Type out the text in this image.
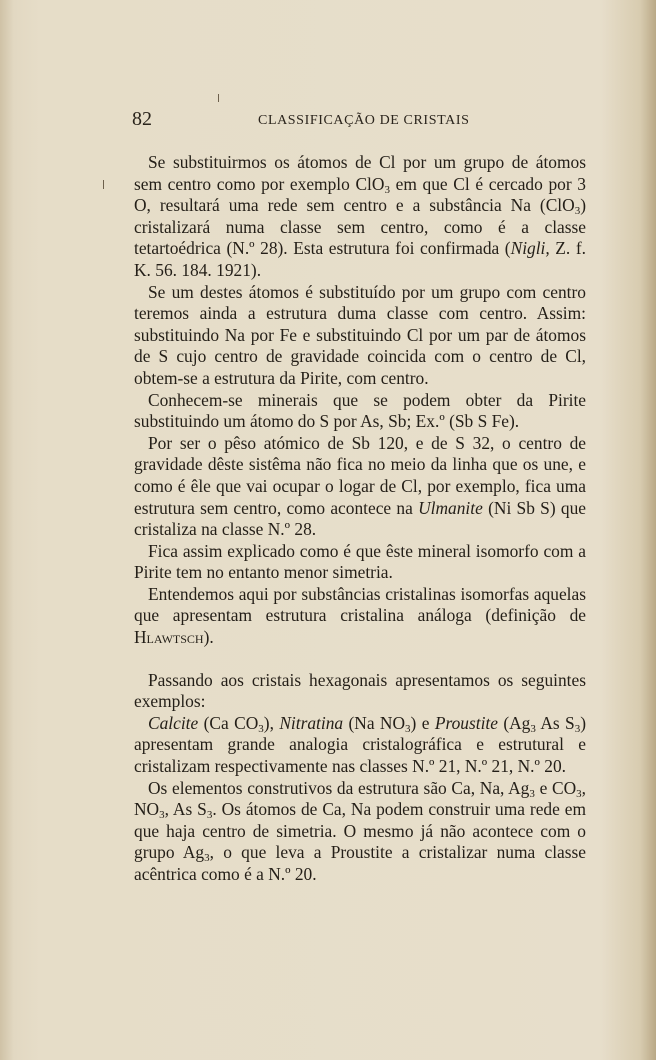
82	CLASSIFICAÇÃO DE CRISTAIS

Se substituirmos os átomos de Cl por um grupo de átomos sem centro como por exemplo ClO$_3$ em que Cl é cercado por 3 O, resultará uma rede sem centro e a substância Na (ClO$_3$) cristalizará numa classe sem centro, como é a classe tetartoédrica (N.º 28). Esta estrutura foi confirmada (Nigli, Z. f. K. 56. 184. 1921).

Se um destes átomos é substituído por um grupo com centro teremos ainda a estrutura duma classe com centro. Assim: substituindo Na por Fe e substituindo Cl por um par de átomos de S cujo centro de gravidade coincida com o centro de Cl, obtem-se a estrutura da Pirite, com centro.

Conhecem-se minerais que se podem obter da Pirite substituindo um átomo do S por As, Sb; Ex.º (Sb S Fe).

Por ser o pêso atómico de Sb 120, e de S 32, o centro de gravidade dêste sistêma não fica no meio da linha que os une, e como é êle que vai ocupar o logar de Cl, por exemplo, fica uma estrutura sem centro, como acontece na Ulmanite (Ni Sb S) que cristaliza na classe N.º 28.

Fica assim explicado como é que êste mineral isomorfo com a Pirite tem no entanto menor simetria.

Entendemos aqui por substâncias cristalinas isomorfas aquelas que apresentam estrutura cristalina análoga (definição de Hlawtsch).

Passando aos cristais hexagonais apresentamos os seguintes exemplos:

Calcite (Ca $CO_3$), Nitratina (Na $NO_3$) e Proustite ($Ag_3$ As $S_3$) apresentam grande analogia cristalográfica e estrutural e cristalizam respectivamente nas classes N.º 21, N.º 21, N.º 20.

Os elementos construtivos da estrutura são Ca, Na, $Ag_3$ e $CO_3$, $NO_3$, As $S_3$. Os átomos de Ca, Na podem construir uma rede em que haja centro de simetria. O mesmo já não acontece com o grupo $Ag_3$, o que leva a Proustite a cristalizar numa classe acêntrica como é a N.º 20.
